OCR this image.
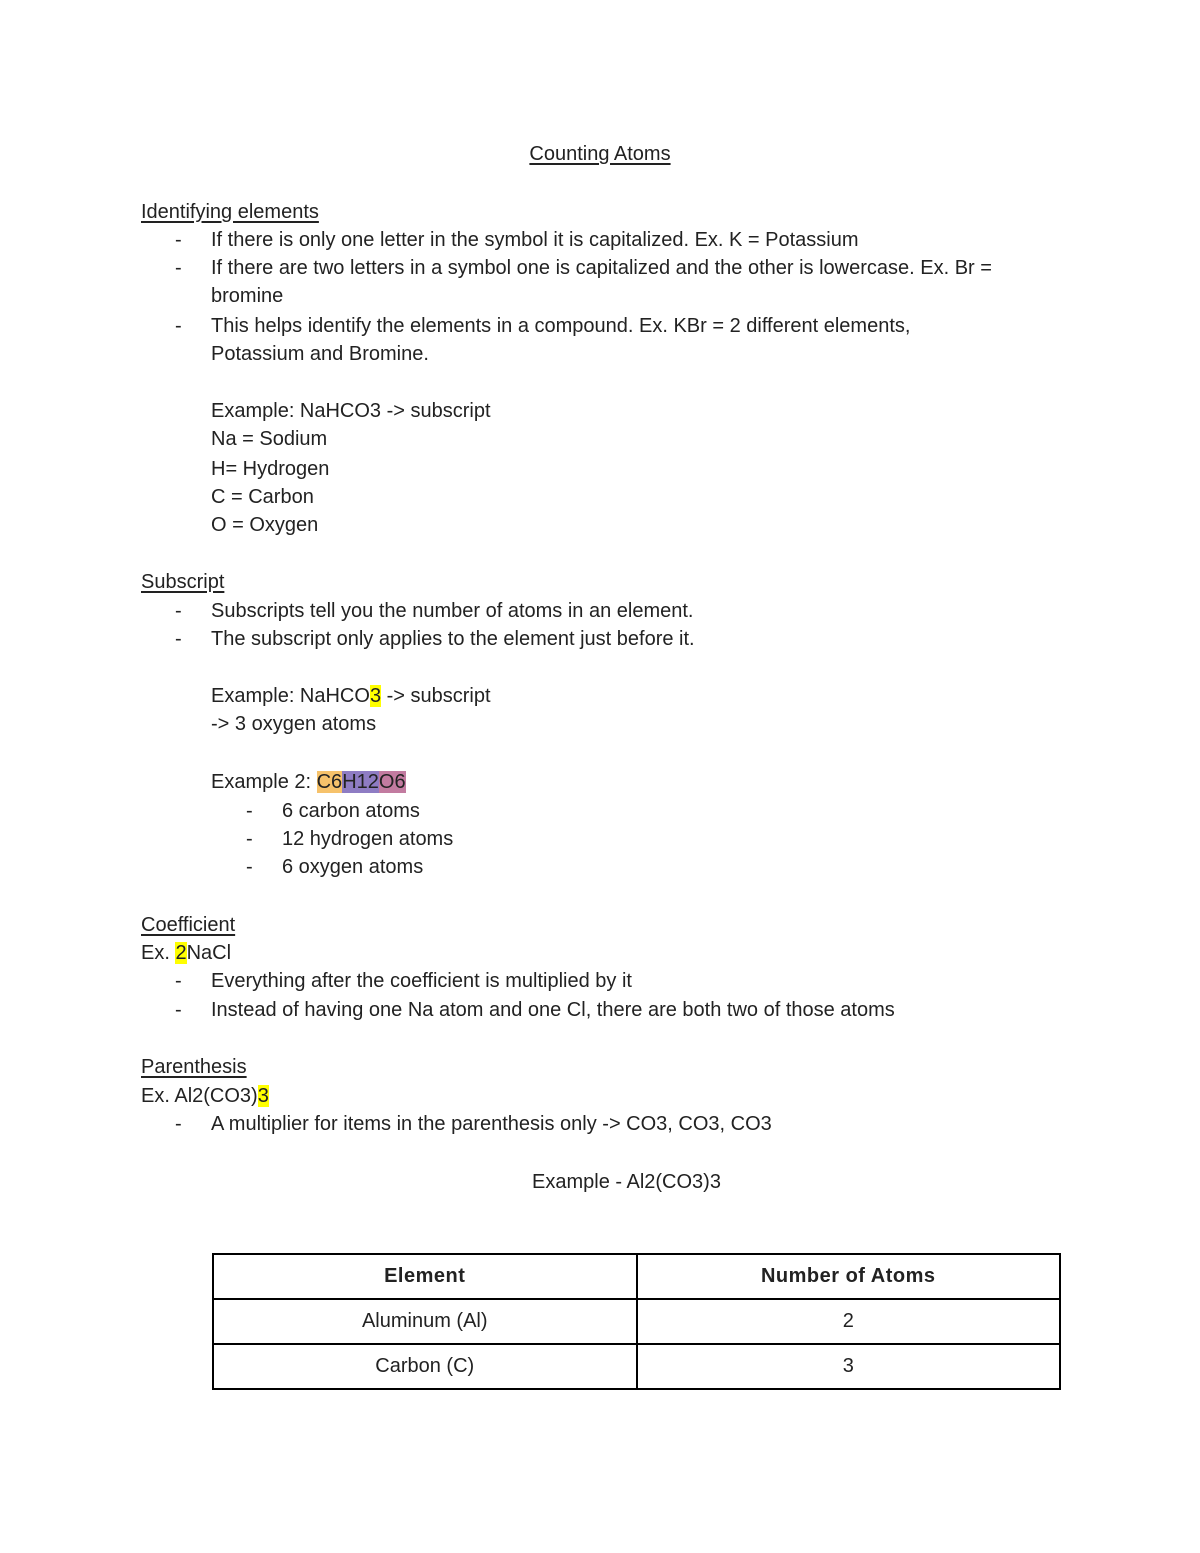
Counting Atoms
Identifying elements
- If there is only one letter in the symbol it is capitalized. Ex. K = Potassium
- If there are two letters in a symbol one is capitalized and the other is lowercase. Ex. Br =
bromine
- This helps identify the elements in a compound. Ex. KBr = 2 different elements,
Potassium and Bromine.
Example: NaHCO3 -> subscript
Na = Sodium
H= Hydrogen
C = Carbon
O = Oxygen
Subscript
- Subscripts tell you the number of atoms in an element.
- The subscript only applies to the element just before it.
Example: NaHCO3 -> subscript
-> 3 oxygen atoms
Example 2: C6H12O6
- 6 carbon atoms
- 12 hydrogen atoms
- 6 oxygen atoms
Coefficient
Ex. 2NaCl
- Everything after the coefficient is multiplied by it
- Instead of having one Na atom and one Cl, there are both two of those atoms
Parenthesis
Ex. Al2(CO3)3
- A multiplier for items in the parenthesis only -> CO3, CO3, CO3
Example - Al2(CO3)3
Element	Number of Atoms
Aluminum (Al)	2
Carbon (C)	3
